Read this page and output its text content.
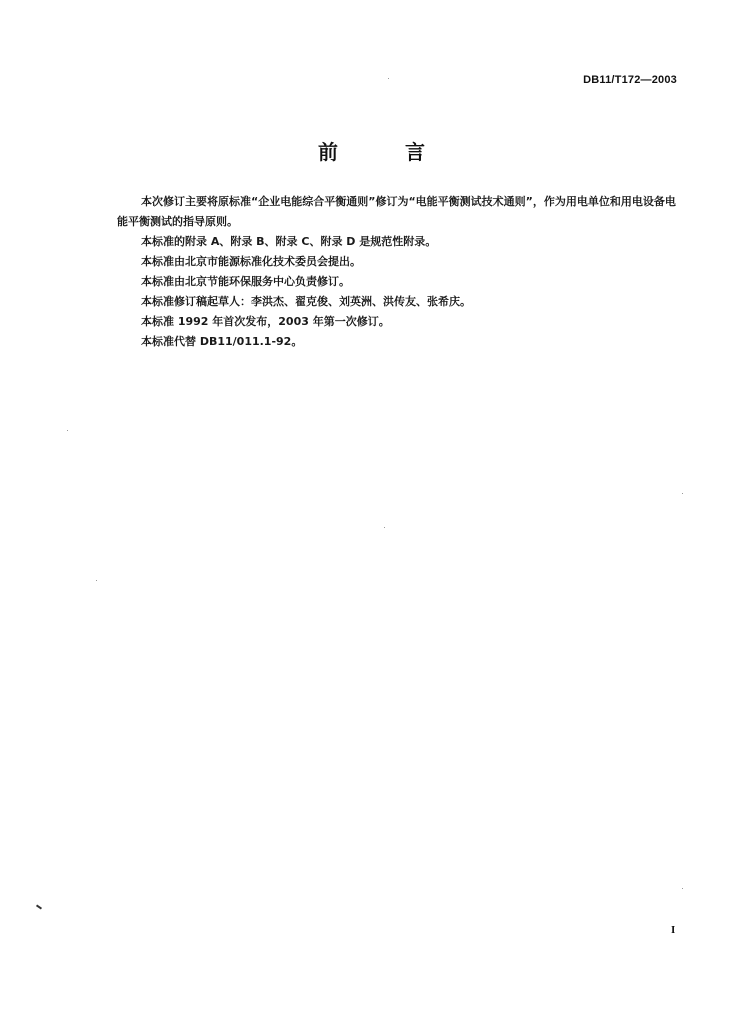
DB11/T172—2003
前 言

本次修订主要将原标准“企业电能综合平衡通则”修订为“电能平衡测试技术通则”，作为用电单位和用电设备电能平衡测试的指导原则。

本标准的附录 A、附录 B、附录 C、附录 D 是规范性附录。

本标准由北京市能源标准化技术委员会提出。

本标准由北京节能环保服务中心负责修订。

本标准修订稿起草人：李洪杰、翟克俊、刘英洲、洪传友、张希庆。

本标准 1992 年首次发布，2003 年第一次修订。

本标准代替 DB11/011.1-92。

I
